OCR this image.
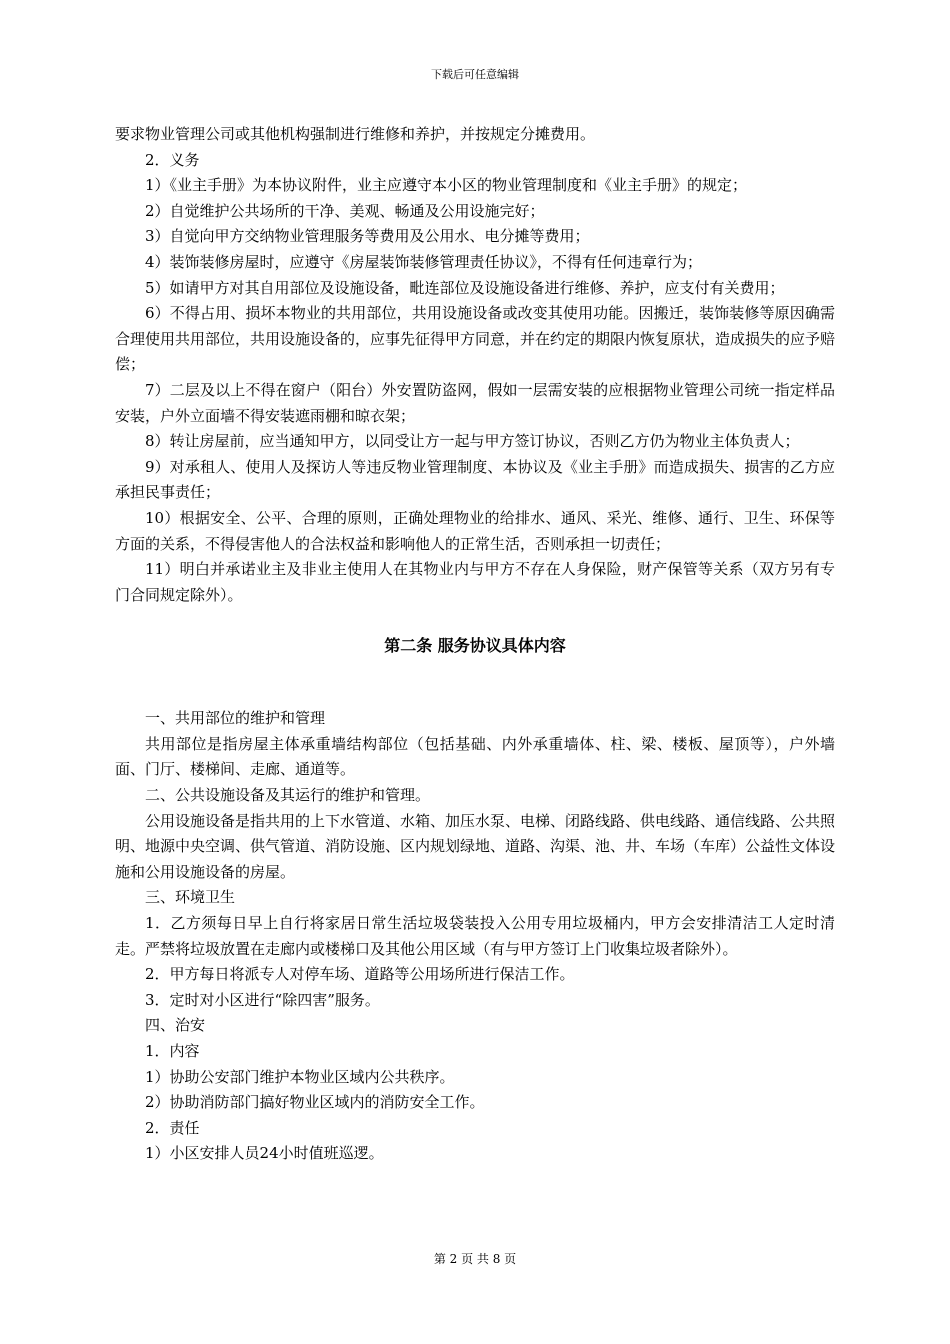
下载后可任意编辑

要求物业管理公司或其他机构强制进行维修和养护，并按规定分摊费用。

2．义务

1）《业主手册》为本协议附件，业主应遵守本小区的物业管理制度和《业主手册》的规定；

2）自觉维护公共场所的干净、美观、畅通及公用设施完好；

3）自觉向甲方交纳物业管理服务等费用及公用水、电分摊等费用；

4）装饰装修房屋时，应遵守《房屋装饰装修管理责任协议》，不得有任何违章行为；

5）如请甲方对其自用部位及设施设备，毗连部位及设施设备进行维修、养护，应支付有关费用；

6）不得占用、损坏本物业的共用部位，共用设施设备或改变其使用功能。因搬迁，装饰装修等原因确需合理使用共用部位，共用设施设备的，应事先征得甲方同意，并在约定的期限内恢复原状，造成损失的应予赔偿；

7）二层及以上不得在窗户（阳台）外安置防盗网，假如一层需安装的应根据物业管理公司统一指定样品安装，户外立面墙不得安装遮雨棚和晾衣架；

8）转让房屋前，应当通知甲方，以同受让方一起与甲方签订协议，否则乙方仍为物业主体负责人；

9）对承租人、使用人及探访人等违反物业管理制度、本协议及《业主手册》而造成损失、损害的乙方应承担民事责任；

10）根据安全、公平、合理的原则，正确处理物业的给排水、通风、采光、维修、通行、卫生、环保等方面的关系，不得侵害他人的合法权益和影响他人的正常生活，否则承担一切责任；

11）明白并承诺业主及非业主使用人在其物业内与甲方不存在人身保险，财产保管等关系（双方另有专门合同规定除外）。

第二条 服务协议具体内容

一、共用部位的维护和管理

共用部位是指房屋主体承重墙结构部位（包括基础、内外承重墙体、柱、梁、楼板、屋顶等），户外墙面、门厅、楼梯间、走廊、通道等。

二、公共设施设备及其运行的维护和管理。

公用设施设备是指共用的上下水管道、水箱、加压水泵、电梯、闭路线路、供电线路、通信线路、公共照明、地源中央空调、供气管道、消防设施、区内规划绿地、道路、沟渠、池、井、车场（车库）公益性文体设施和公用设施设备的房屋。

三、环境卫生

1．乙方须每日早上自行将家居日常生活垃圾袋装投入公用专用垃圾桶内，甲方会安排清洁工人定时清走。严禁将垃圾放置在走廊内或楼梯口及其他公用区域（有与甲方签订上门收集垃圾者除外）。

2．甲方每日将派专人对停车场、道路等公用场所进行保洁工作。

3．定时对小区进行“除四害”服务。

四、治安

1．内容

1）协助公安部门维护本物业区域内公共秩序。

2）协助消防部门搞好物业区域内的消防安全工作。

2．责任

1）小区安排人员24小时值班巡逻。

第 2 页 共 8 页
